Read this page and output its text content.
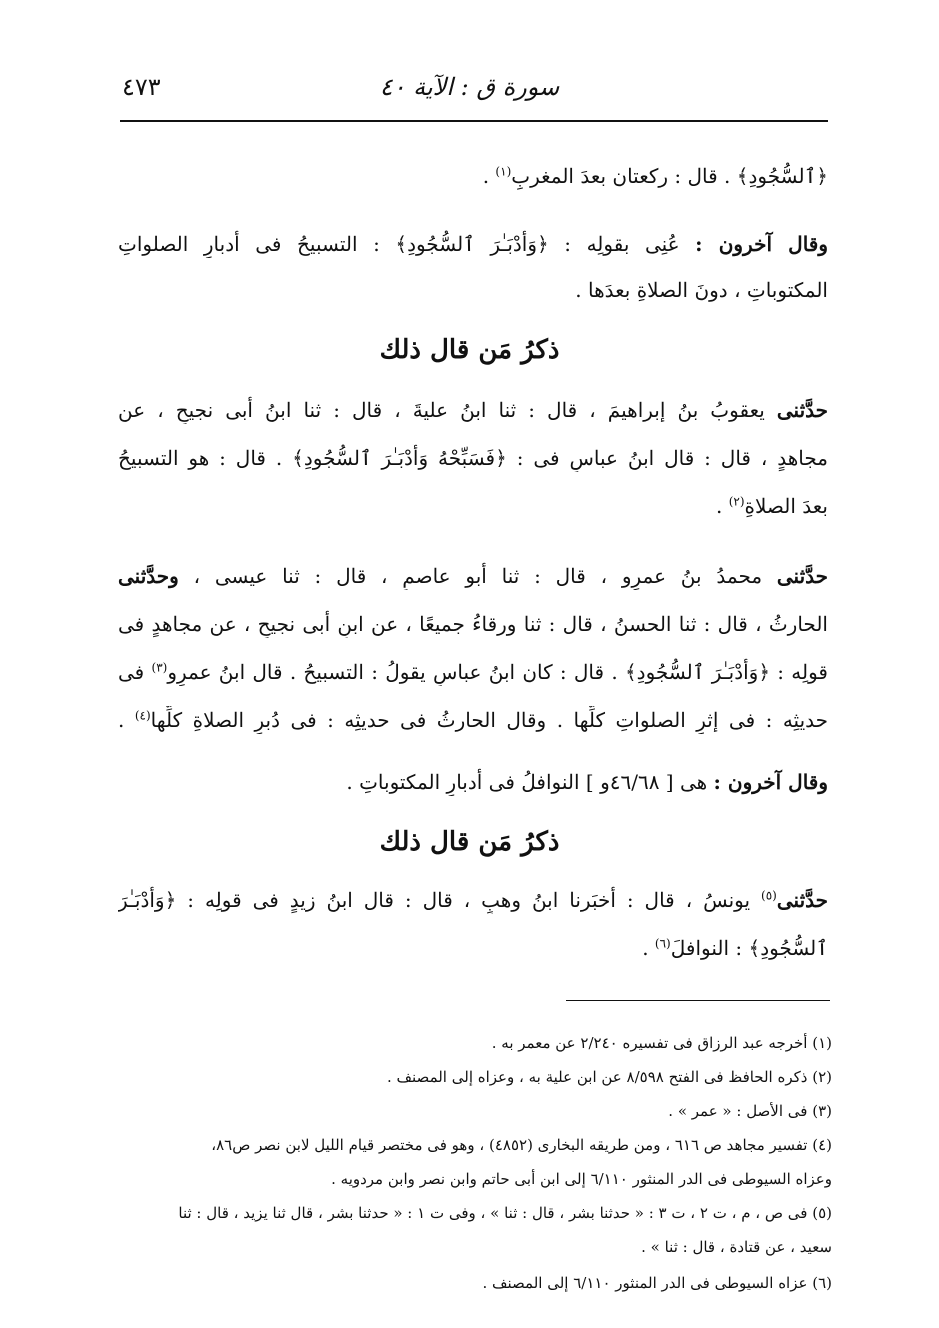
سورة ق : الآية ٤٠
٤٧٣
﴿ٱلسُّجُودِ﴾ . قال : ركعتان بعدَ المغربِ$^{(١)}$ .
وقال آخرون : عُنِى بقولِه : ﴿وَأَدْبَـٰرَ ٱلسُّجُودِ﴾ : التسبيحُ فى أدبارِ الصلواتِ
المكتوباتِ ، دونَ الصلاةِ بعدَها .
ذكرُ مَن قال ذلك
حدَّثنى يعقوبُ بنُ إبراهيمَ ، قال : ثنا ابنُ عليةَ ، قال : ثنا ابنُ أبى نجيحٍ ، عن
مجاهدٍ ، قال : قال ابنُ عباسٍ فى : ﴿فَسَبِّحْهُ وَأَدْبَـٰرَ ٱلسُّجُودِ﴾ . قال : هو التسبيحُ
بعدَ الصلاةِ$^{(٢)}$ .
حدَّثنى محمدُ بنُ عمرٍو ، قال : ثنا أبو عاصمٍ ، قال : ثنا عيسى ، وحدَّثنى
الحارثُ ، قال : ثنا الحسنُ ، قال : ثنا ورقاءُ جميعًا ، عن ابنِ أبى نجيحٍ ، عن مجاهدٍ فى
قولِه : ﴿وَأَدْبَـٰرَ ٱلسُّجُودِ﴾ . قال : كان ابنُ عباسٍ يقولُ : التسبيحُ . قال ابنُ عمرٍو$^{(٣)}$ فى
حديثِه : فى إثرِ الصلواتِ كلِّها . وقال الحارثُ فى حديثِه : فى دُبرِ الصلاةِ كلِّها$^{(٤)}$ .
وقال آخرون : هى [ ٤٦/٦٨و ] النوافلُ فى أدبارِ المكتوباتِ .
ذكرُ مَن قال ذلك
حدَّثنى$^{(٥)}$ يونسُ ، قال : أخبَرنا ابنُ وهبٍ ، قال : قال ابنُ زيدٍ فى قولِه : ﴿وَأَدْبَـٰرَ
ٱلسُّجُودِ﴾ : النوافلَ$^{(٦)}$ .
(١) أخرجه عبد الرزاق فى تفسيره ٢/٢٤٠ عن معمر به .
(٢) ذكره الحافظ فى الفتح ٨/٥٩٨ عن ابن علية به ، وعزاه إلى المصنف .
(٣) فى الأصل : « عمر » .
(٤) تفسير مجاهد ص ٦١٦ ، ومن طريقه البخارى (٤٨٥٢) ، وهو فى مختصر قيام الليل لابن نصر ص٨٦،
وعزاه السيوطى فى الدر المنثور ٦/١١٠ إلى ابن أبى حاتم وابن نصر وابن مردويه .
(٥) فى ص ، م ، ت ٢ ، ت ٣ : « حدثنا بشر ، قال : ثنا » ، وفى ت ١ : « حدثنا بشر ، قال ثنا يزيد ، قال : ثنا
سعيد ، عن قتادة ، قال : ثنا » .
(٦) عزاه السيوطى فى الدر المنثور ٦/١١٠ إلى المصنف .
